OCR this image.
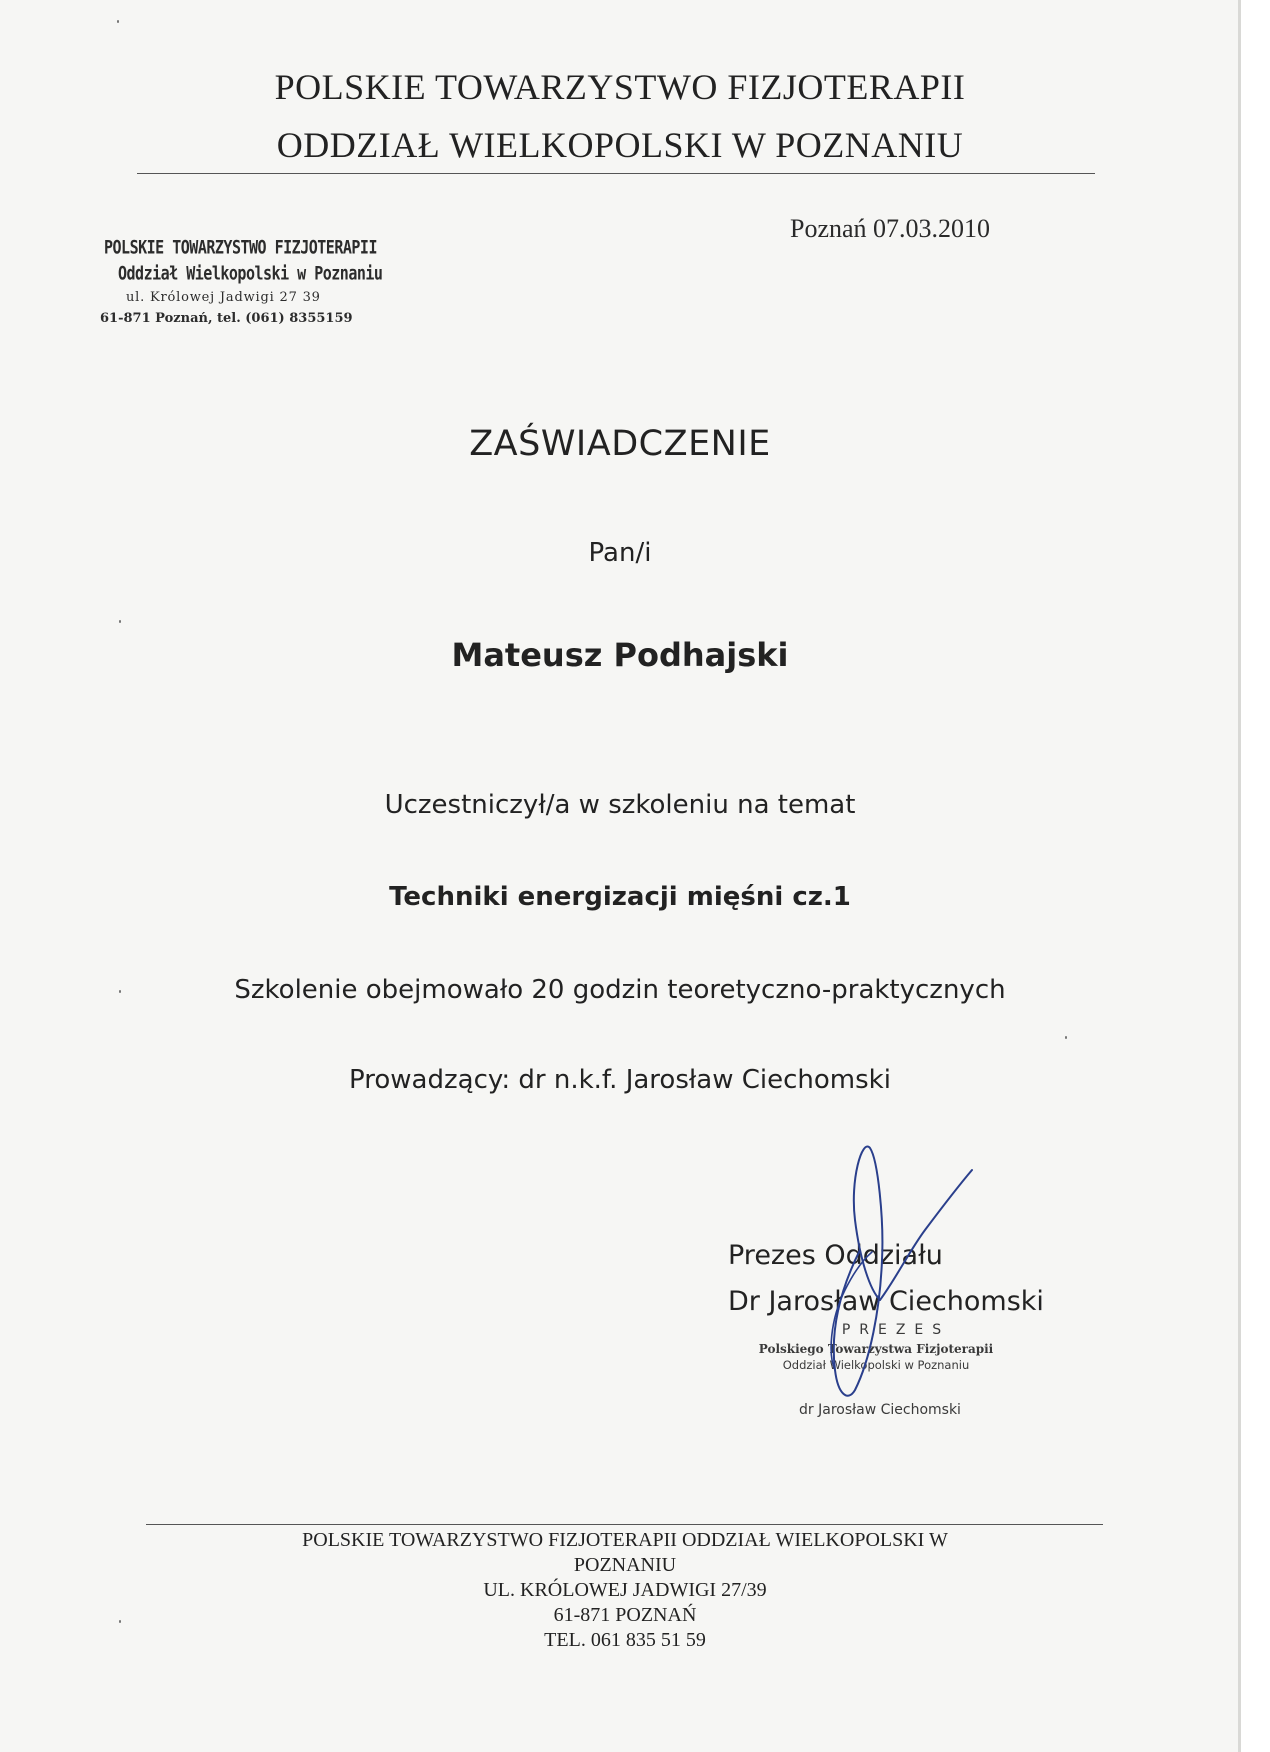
POLSKIE TOWARZYSTWO FIZJOTERAPII
ODDZIAŁ WIELKOPOLSKI W POZNANIU
Poznań 07.03.2010
POLSKIE TOWARZYSTWO FIZJOTERAPII
Oddział Wielkopolski w Poznaniu
ul. Królowej Jadwigi 27 39
61-871 Poznań, tel. (061) 8355159
ZAŚWIADCZENIE
Pan/i
Mateusz Podhajski
Uczestniczył/a w szkoleniu na temat
Techniki energizacji mięśni cz.1
Szkolenie obejmowało 20 godzin teoretyczno-praktycznych
Prowadzący: dr n.k.f. Jarosław Ciechomski
Prezes Oddziału
Dr Jarosław Ciechomski
PREZES
Polskiego Towarzystwa Fizjoterapii
Oddział Wielkopolski w Poznaniu
dr Jarosław Ciechomski
POLSKIE TOWARZYSTWO FIZJOTERAPII ODDZIAŁ WIELKOPOLSKI W
POZNANIU
UL. KRÓLOWEJ JADWIGI 27/39
61-871 POZNAŃ
TEL. 061 835 51 59
